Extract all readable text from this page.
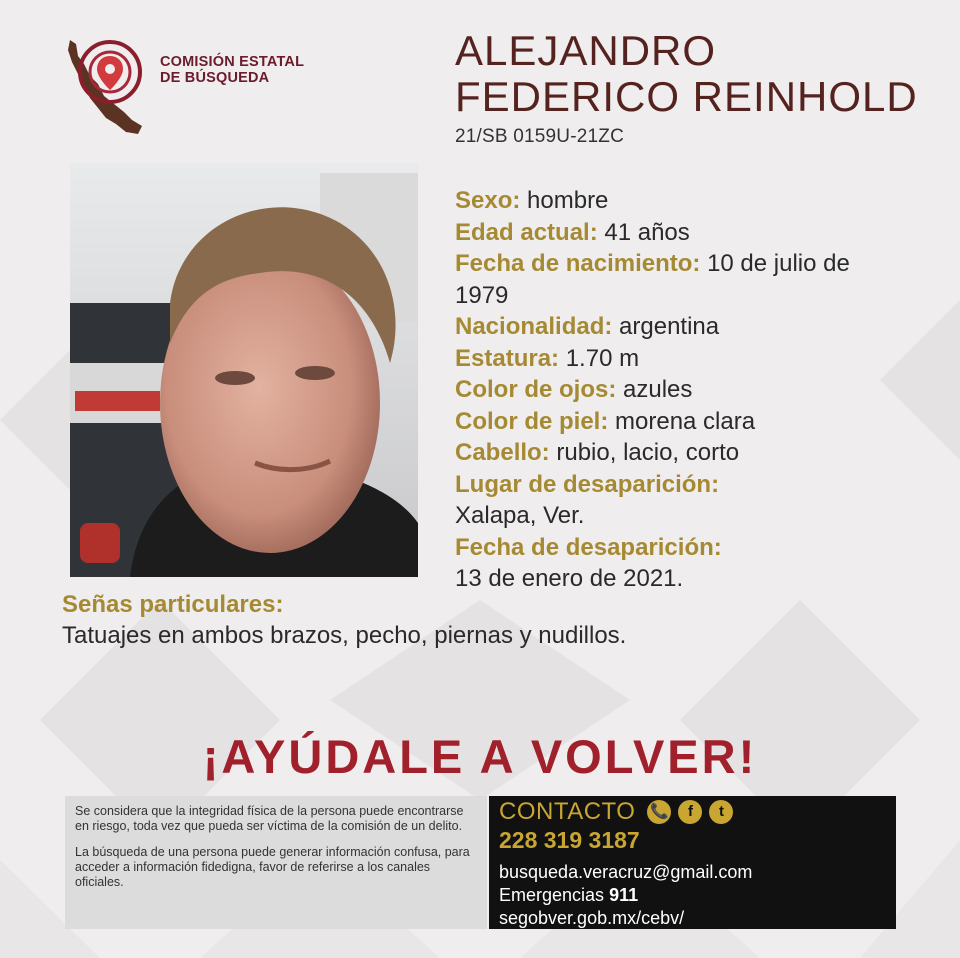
COMISIÓN ESTATAL
DE BÚSQUEDA
ALEJANDRO
FEDERICO REINHOLD
21/SB 0159U-21ZC
Sexo: hombre
Edad actual: 41 años
Fecha de nacimiento: 10 de julio de 1979
Nacionalidad: argentina
Estatura: 1.70 m
Color de ojos: azules
Color de piel: morena clara
Cabello: rubio, lacio, corto
Lugar de desaparición:
Xalapa, Ver.
Fecha de desaparición:
13 de enero de 2021.
Señas particulares:
Tatuajes en ambos brazos, pecho, piernas y nudillos.
¡AYÚDALE A VOLVER!

Se considera que la integridad física de la persona puede encontrarse en riesgo, toda vez que pueda ser víctima de la comisión de un delito.

La búsqueda de una persona puede generar información confusa, para acceder a información fidedigna, favor de referirse a los canales oficiales.

CONTACTO 📞	f	t
228 319 3187
busqueda.veracruz@gmail.com
Emergencias 911
segobver.gob.mx/cebv/
